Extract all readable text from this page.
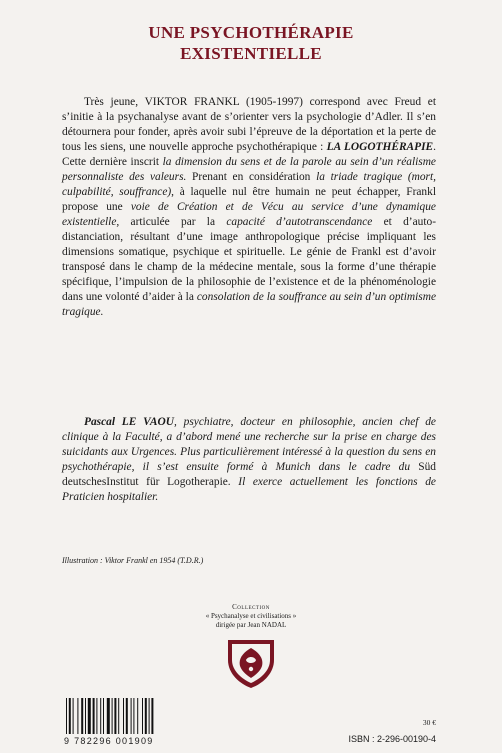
UNE PSYCHOTHÉRAPIE
EXISTENTIELLE
Très jeune, VIKTOR FRANKL (1905-1997) correspond avec Freud et s’initie à la psychanalyse avant de s’orienter vers la psychologie d’Adler. Il s’en détournera pour fonder, après avoir subi l’épreuve de la déportation et la perte de tous les siens, une nouvelle approche psychothérapique : LA LOGOTHÉRAPIE. Cette dernière inscrit la dimension du sens et de la parole au sein d’un réalisme personnaliste des valeurs. Prenant en considération la triade tragique (mort, culpabilité, souffrance), à laquelle nul être humain ne peut échapper, Frankl propose une voie de Création et de Vécu au service d’une dynamique existentielle, articulée par la capacité d’autotranscendance et d’auto-distanciation, résultant d’une image anthropologique précise impliquant les dimensions somatique, psychique et spirituelle. Le génie de Frankl est d’avoir transposé dans le champ de la médecine mentale, sous la forme d’une thérapie spécifique, l’impulsion de la philosophie de l’existence et de la phénoménologie dans une volonté d’aider à la consolation de la souffrance au sein d’un optimisme tragique.
Pascal LE VAOU, psychiatre, docteur en philosophie, ancien chef de clinique à la Faculté, a d’abord mené une recherche sur la prise en charge des suicidants aux Urgences. Plus particulièrement intéressé à la question du sens en psychothérapie, il s’est ensuite formé à Munich dans le cadre du Süd deutschesInstitut für Logotherapie. Il exerce actuellement les fonctions de Praticien hospitalier.
Illustration : Viktor Frankl en 1954 (T.D.R.)
Collection
« Psychanalyse et civilisations »
dirigée par Jean NADAL
9 782296 001909
30 €
ISBN : 2-296-00190-4
